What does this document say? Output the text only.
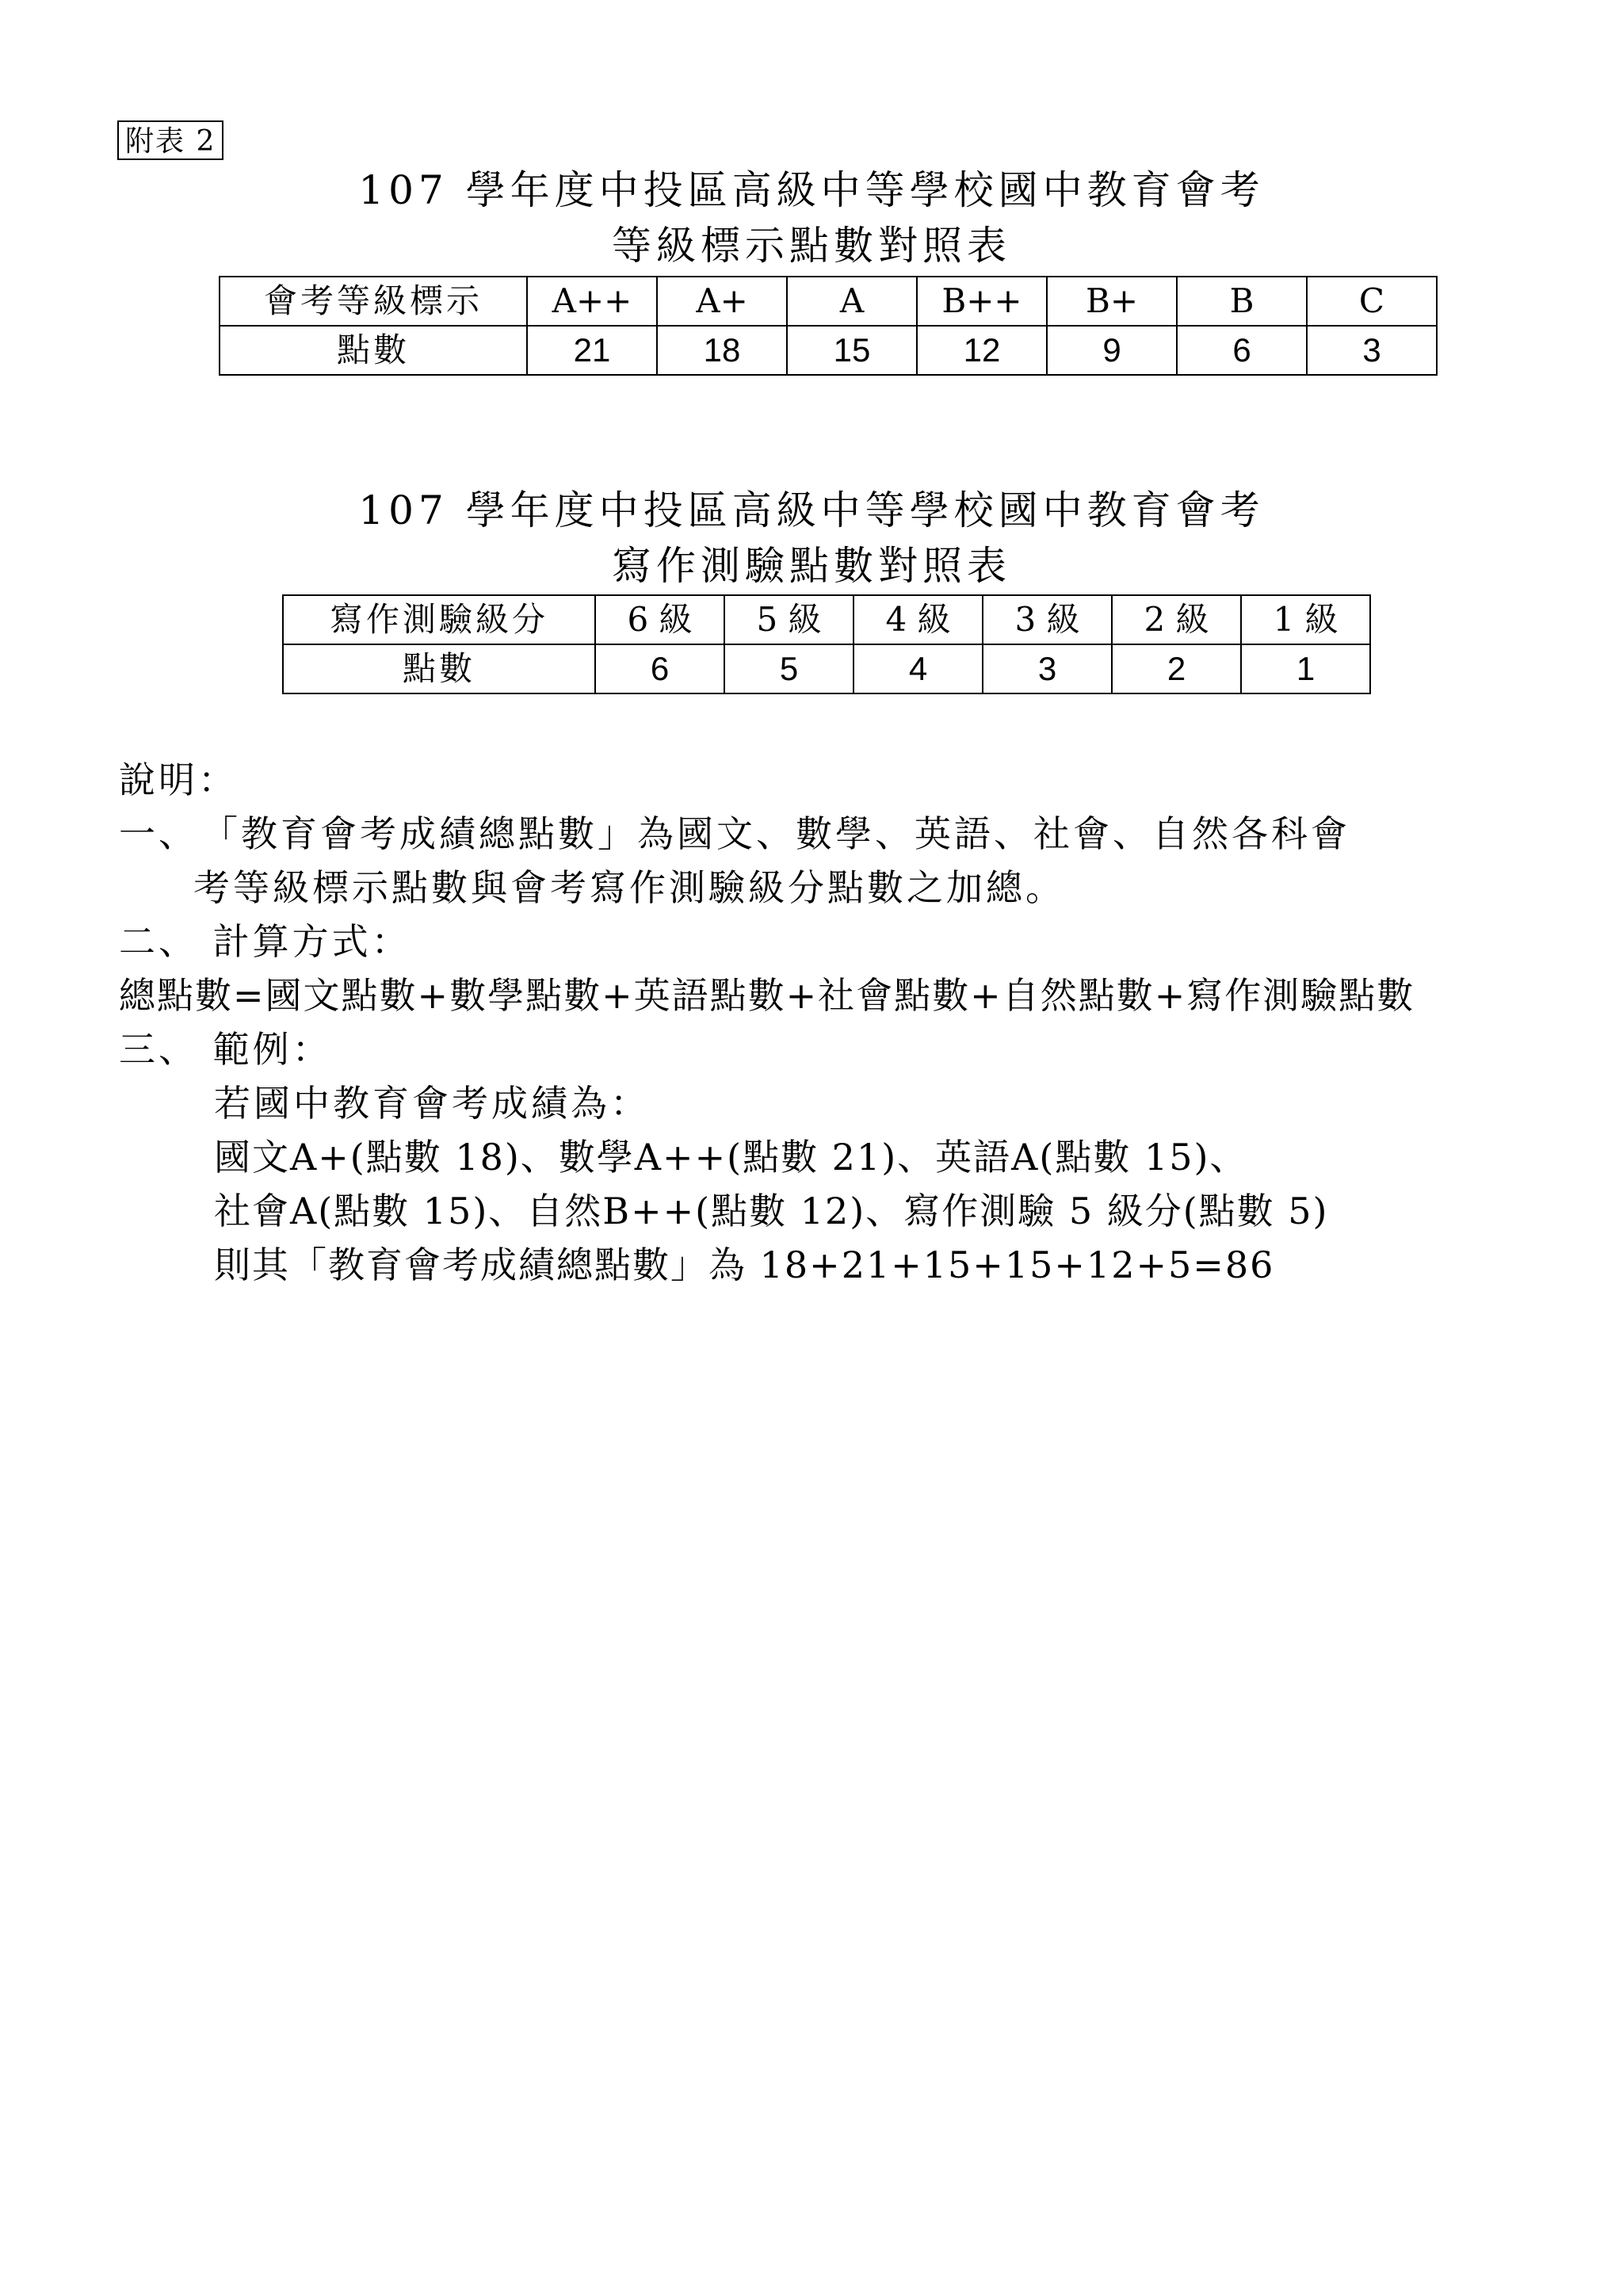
附表 2
107 學年度中投區高級中等學校國中教育會考
等級標示點數對照表
會考等級標示	A++	A+	A	B++	B+	B	C
點數	21	18	15	12	9	6	3
107 學年度中投區高級中等學校國中教育會考
寫作測驗點數對照表
寫作測驗級分	6 級	5 級	4 級	3 級	2 級	1 級
點數	6	5	4	3	2	1
說明：
一、　「教育會考成績總點數」為國文、數學、英語、社會、自然各科會
考等級標示點數與會考寫作測驗級分點數之加總。
二、 計算方式：
總點數=國文點數+數學點數+英語點數+社會點數+自然點數+寫作測驗點數
三、 範例：
若國中教育會考成績為：
國文A+(點數 18)、數學A++(點數 21)、英語A(點數 15)、
社會A(點數 15)、自然B++(點數 12)、寫作測驗 5 級分(點數 5)
則其「教育會考成績總點數」為 18+21+15+15+12+5=86
